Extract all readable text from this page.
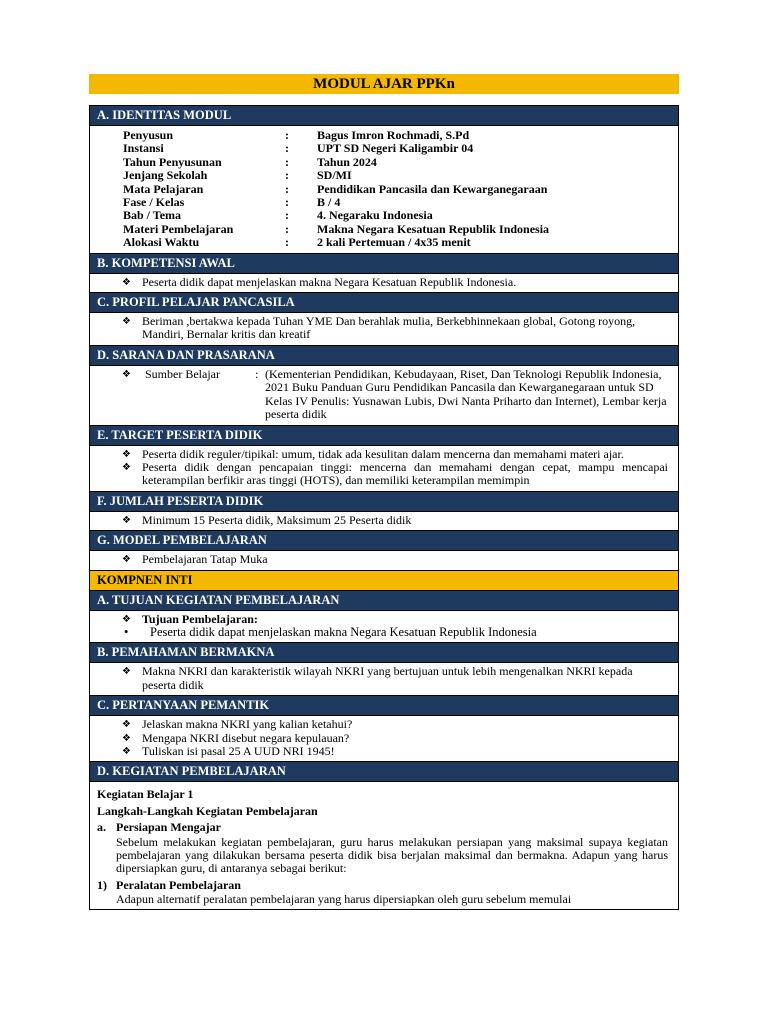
MODUL AJAR PPKn
A. IDENTITAS MODUL
Penyusun	:	Bagus Imron Rochmadi, S.Pd
Instansi	:	UPT SD Negeri Kaligambir 04
Tahun Penyusunan	:	Tahun 2024
Jenjang Sekolah	:	SD/MI
Mata Pelajaran	:	Pendidikan Pancasila dan Kewarganegaraan
Fase / Kelas	:	B / 4
Bab / Tema	:	4. Negaraku Indonesia
Materi Pembelajaran	:	Makna Negara Kesatuan Republik Indonesia
Alokasi Waktu	:	2 kali Pertemuan / 4x35 menit
B. KOMPETENSI AWAL
❖ Peserta didik dapat menjelaskan makna Negara Kesatuan Republik Indonesia.
C. PROFIL PELAJAR PANCASILA
❖ Beriman ,bertakwa kepada Tuhan YME Dan berahlak mulia, Berkebhinnekaan global, Gotong royong, Mandiri, Bernalar kritis dan kreatif
D. SARANA DAN PRASARANA
❖ Sumber Belajar	: (Kementerian Pendidikan, Kebudayaan, Riset, Dan Teknologi Republik Indonesia, 2021 Buku Panduan Guru Pendidikan Pancasila dan Kewarganegaraan untuk SD Kelas IV Penulis: Yusnawan Lubis, Dwi Nanta Priharto dan Internet), Lembar kerja peserta didik
E. TARGET PESERTA DIDIK
❖ Peserta didik reguler/tipikal: umum, tidak ada kesulitan dalam mencerna dan memahami materi ajar.
❖ Peserta didik dengan pencapaian tinggi: mencerna dan memahami dengan cepat, mampu mencapai keterampilan berfikir aras tinggi (HOTS), dan memiliki keterampilan memimpin
F. JUMLAH PESERTA DIDIK
❖ Minimum 15 Peserta didik, Maksimum 25 Peserta didik
G. MODEL PEMBELAJARAN
❖ Pembelajaran Tatap Muka
KOMPNEN INTI
A. TUJUAN KEGIATAN PEMBELAJARAN
❖ Tujuan Pembelajaran:
• Peserta didik dapat menjelaskan makna Negara Kesatuan Republik Indonesia
B. PEMAHAMAN BERMAKNA
❖ Makna NKRI dan karakteristik wilayah NKRI yang bertujuan untuk lebih mengenalkan NKRI kepada peserta didik
C. PERTANYAAN PEMANTIK
❖ Jelaskan makna NKRI yang kalian ketahui?
❖ Mengapa NKRI disebut negara kepulauan?
❖ Tuliskan isi pasal 25 A UUD NRI 1945!
D. KEGIATAN PEMBELAJARAN
Kegiatan Belajar 1
Langkah-Langkah Kegiatan Pembelajaran
a. Persiapan Mengajar
Sebelum melakukan kegiatan pembelajaran, guru harus melakukan persiapan yang maksimal supaya kegiatan pembelajaran yang dilakukan bersama peserta didik bisa berjalan maksimal dan bermakna. Adapun yang harus dipersiapkan guru, di antaranya sebagai berikut:
1) Peralatan Pembelajaran
Adapun alternatif peralatan pembelajaran yang harus dipersiapkan oleh guru sebelum memulai
